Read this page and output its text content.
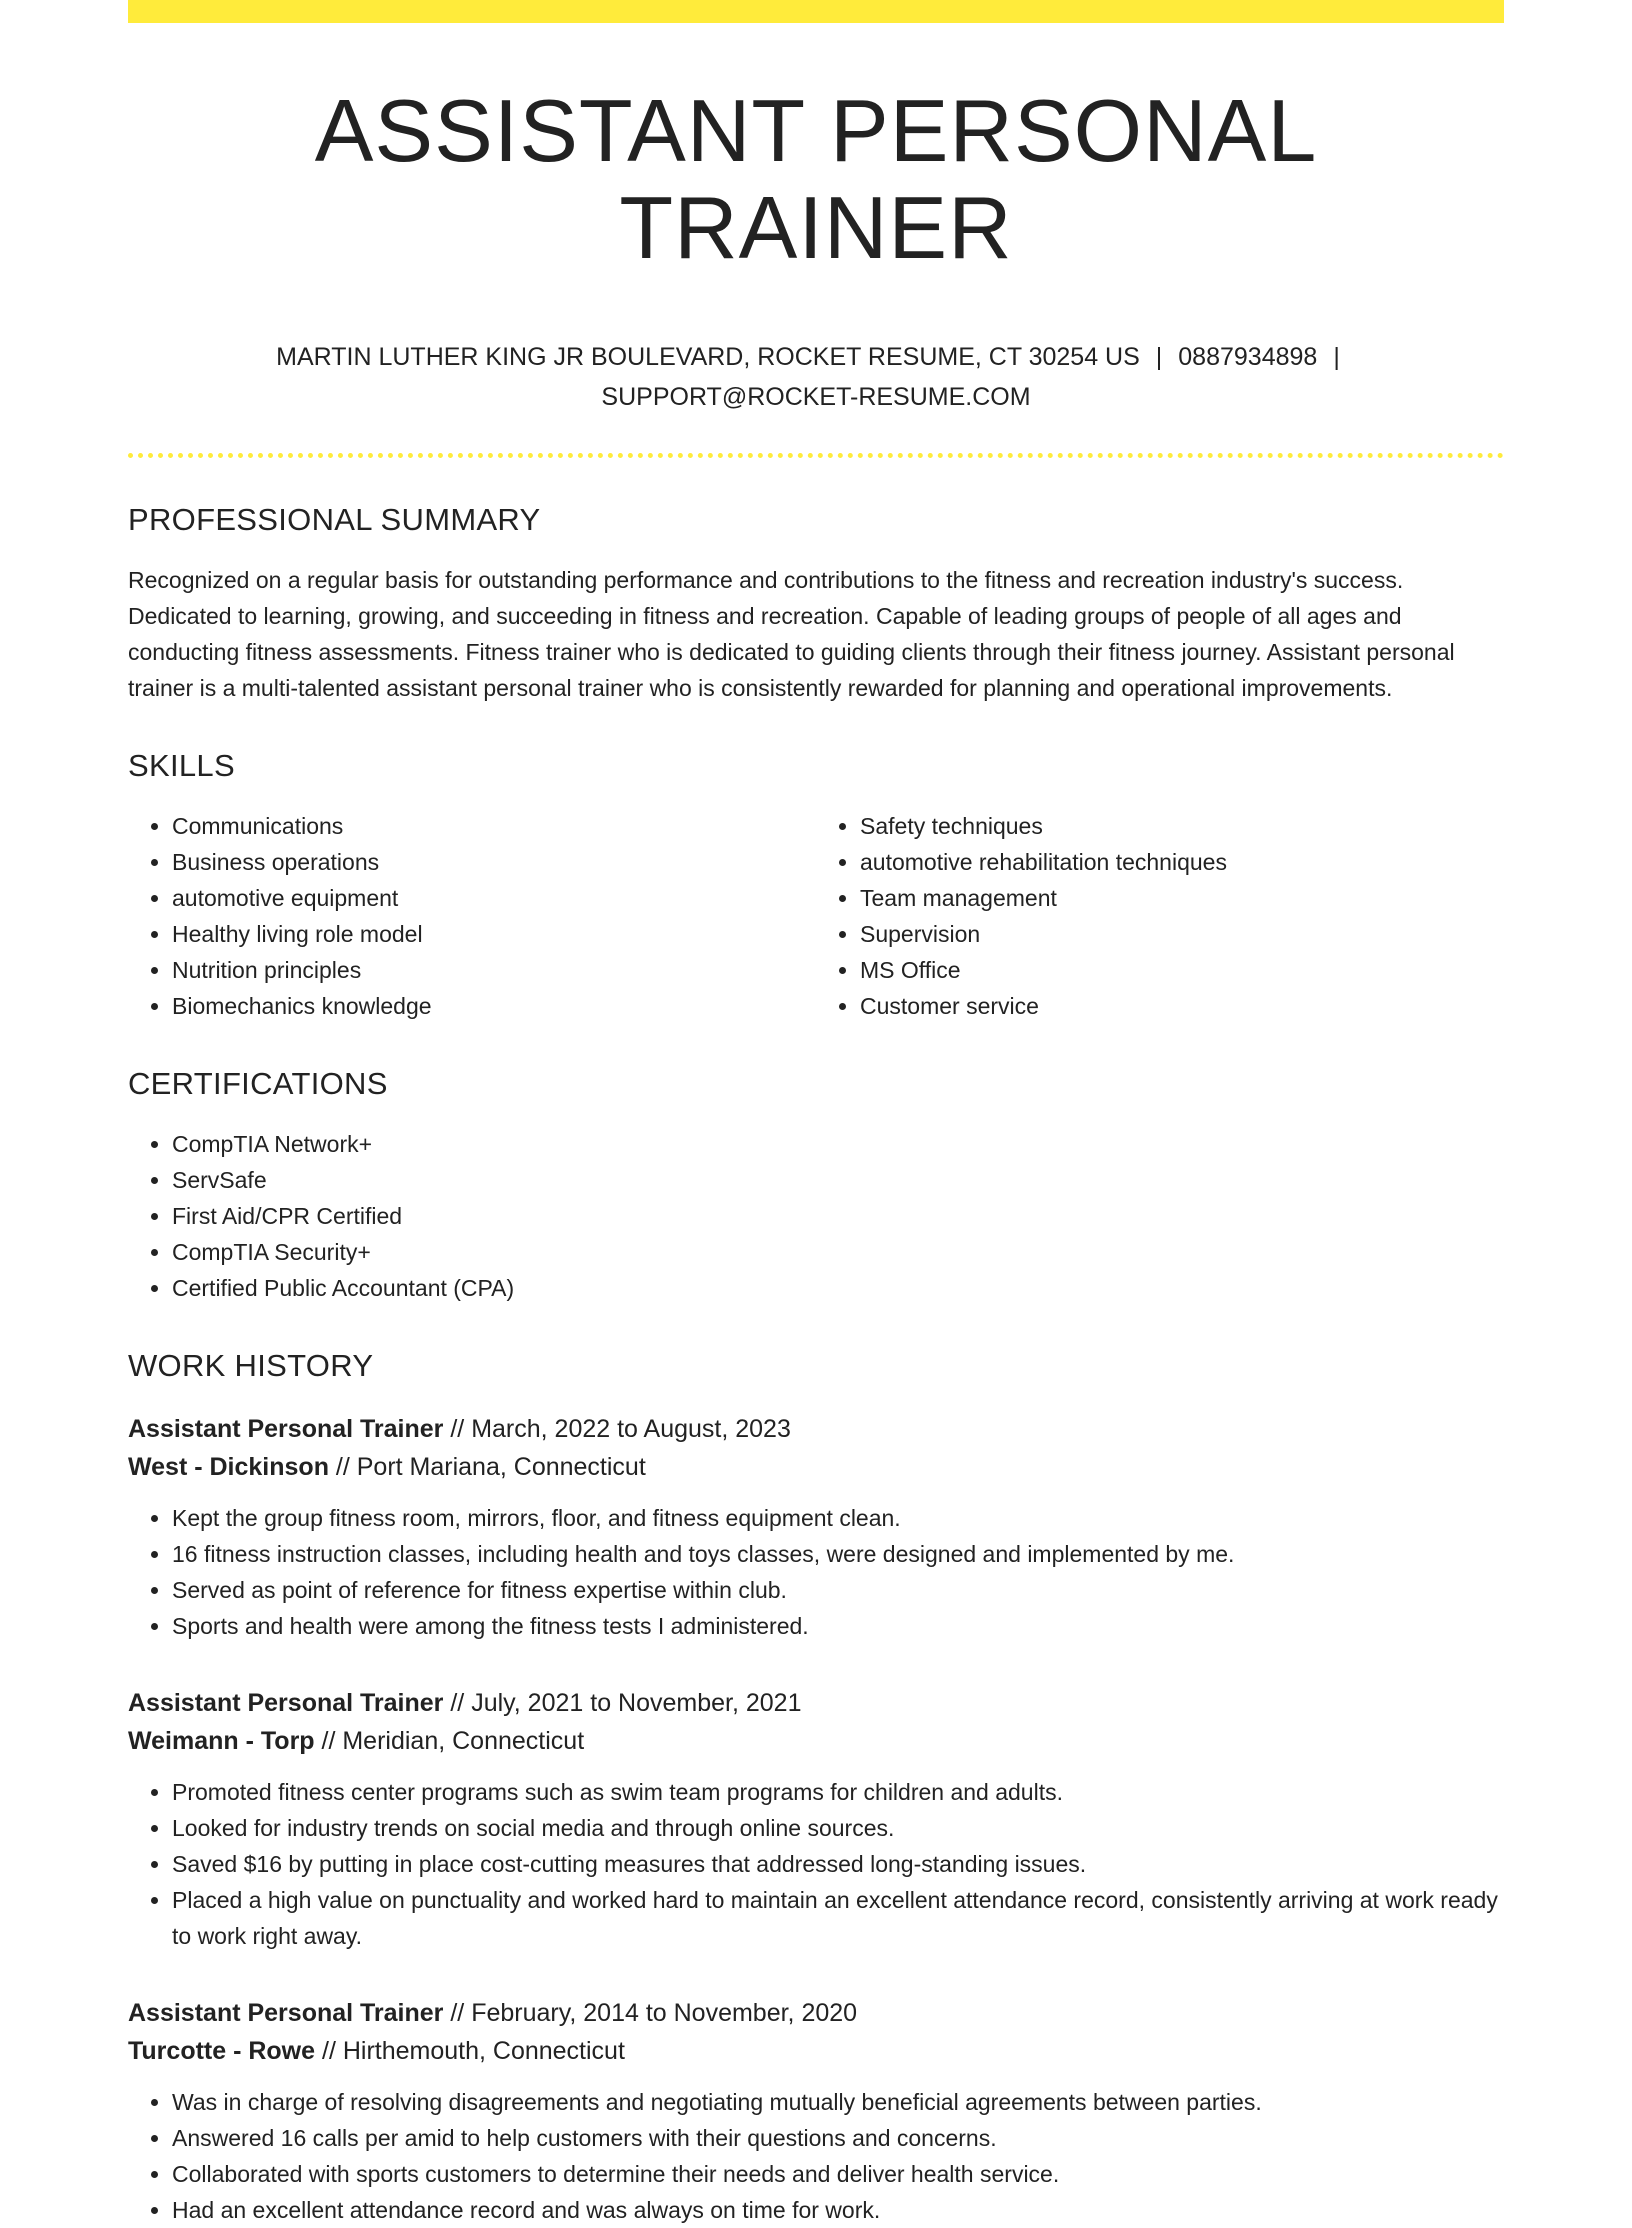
ASSISTANT PERSONAL TRAINER
MARTIN LUTHER KING JR BOULEVARD, ROCKET RESUME, CT 30254 US | 0887934898 |
SUPPORT@ROCKET-RESUME.COM
PROFESSIONAL SUMMARY
Recognized on a regular basis for outstanding performance and contributions to the fitness and recreation industry's success. Dedicated to learning, growing, and succeeding in fitness and recreation. Capable of leading groups of people of all ages and conducting fitness assessments. Fitness trainer who is dedicated to guiding clients through their fitness journey. Assistant personal trainer is a multi-talented assistant personal trainer who is consistently rewarded for planning and operational improvements.
SKILLS
• Communications
• Business operations
• automotive equipment
• Healthy living role model
• Nutrition principles
• Biomechanics knowledge
• Safety techniques
• automotive rehabilitation techniques
• Team management
• Supervision
• MS Office
• Customer service
CERTIFICATIONS
• CompTIA Network+
• ServSafe
• First Aid/CPR Certified
• CompTIA Security+
• Certified Public Accountant (CPA)
WORK HISTORY
Assistant Personal Trainer // March, 2022 to August, 2023
West - Dickinson // Port Mariana, Connecticut
• Kept the group fitness room, mirrors, floor, and fitness equipment clean.
• 16 fitness instruction classes, including health and toys classes, were designed and implemented by me.
• Served as point of reference for fitness expertise within club.
• Sports and health were among the fitness tests I administered.
Assistant Personal Trainer // July, 2021 to November, 2021
Weimann - Torp // Meridian, Connecticut
• Promoted fitness center programs such as swim team programs for children and adults.
• Looked for industry trends on social media and through online sources.
• Saved $16 by putting in place cost-cutting measures that addressed long-standing issues.
• Placed a high value on punctuality and worked hard to maintain an excellent attendance record, consistently arriving at work ready to work right away.
Assistant Personal Trainer // February, 2014 to November, 2020
Turcotte - Rowe // Hirthemouth, Connecticut
• Was in charge of resolving disagreements and negotiating mutually beneficial agreements between parties.
• Answered 16 calls per amid to help customers with their questions and concerns.
• Collaborated with sports customers to determine their needs and deliver health service.
• Had an excellent attendance record and was always on time for work.
